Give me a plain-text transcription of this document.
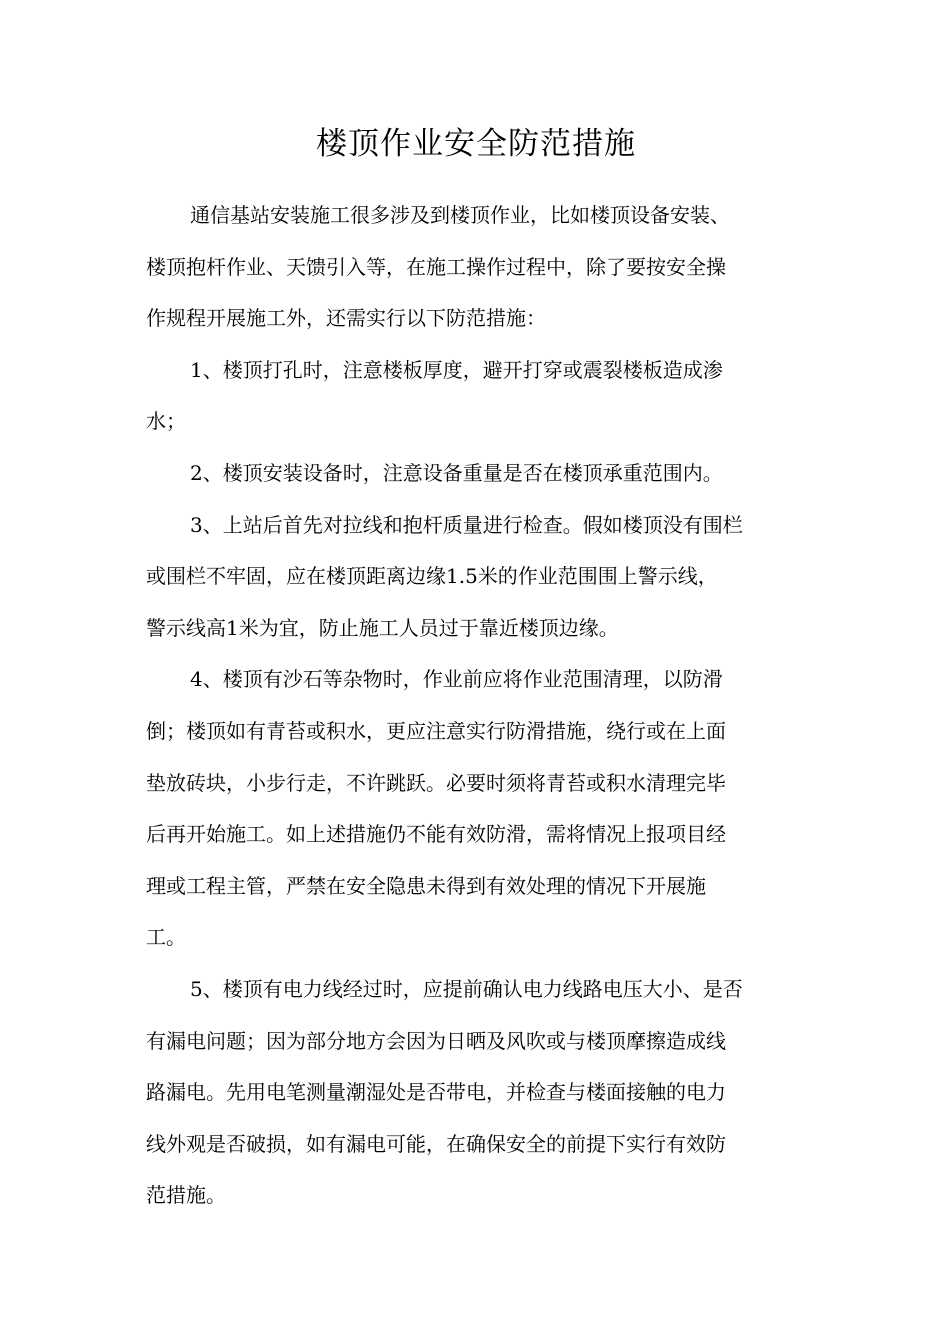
楼顶作业安全防范措施
通信基站安装施工很多涉及到楼顶作业，比如楼顶设备安装、
楼顶抱杆作业、天馈引入等，在施工操作过程中，除了要按安全操
作规程开展施工外，还需实行以下防范措施：
1、楼顶打孔时，注意楼板厚度，避开打穿或震裂楼板造成渗
水；
2、楼顶安装设备时，注意设备重量是否在楼顶承重范围内。
3、上站后首先对拉线和抱杆质量进行检查。假如楼顶没有围栏
或围栏不牢固，应在楼顶距离边缘1.5米的作业范围围上警示线，
警示线高1米为宜，防止施工人员过于靠近楼顶边缘。
4、楼顶有沙石等杂物时，作业前应将作业范围清理，以防滑
倒；楼顶如有青苔或积水，更应注意实行防滑措施，绕行或在上面
垫放砖块，小步行走，不许跳跃。必要时须将青苔或积水清理完毕
后再开始施工。如上述措施仍不能有效防滑，需将情况上报项目经
理或工程主管，严禁在安全隐患未得到有效处理的情况下开展施
工。
5、楼顶有电力线经过时，应提前确认电力线路电压大小、是否
有漏电问题；因为部分地方会因为日晒及风吹或与楼顶摩擦造成线
路漏电。先用电笔测量潮湿处是否带电，并检查与楼面接触的电力
线外观是否破损，如有漏电可能，在确保安全的前提下实行有效防
范措施。
